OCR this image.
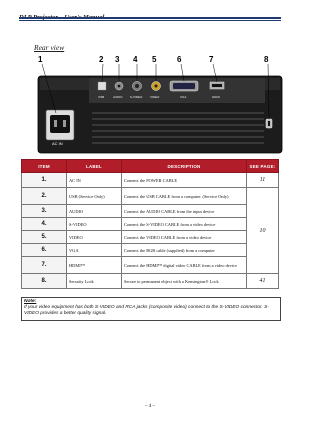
Rear view
AC IN
USB	AUDIO S-VIDEO	VIDEO	VGA	HDMI
1	2 3 4 5	6	7	8
ITEM	LABEL	DESCRIPTION	SEE PAGE:
1.	AC IN	Connect the POWER CABLE	11
2.	USB (Service Only)	Connect the USB CABLE from a computer. (Service Only)	10
3.	AUDIO	Connect the AUDIO CABLE from the input device	
4.	S-VIDEO	Connect the S-VIDEO CABLE from a video device	
5.	VIDEO	Connect the VIDEO CABLE from a video device	
6.	VGA	Connect the RGB cable (supplied) from a computer	
7.	HDMI™	Connect the HDMI™ digital video CABLE from a video device	
8.	Security Lock	Secure to permanent object with a Kensington® Lock	41
Note:
If your video equipment has both S-VIDEO and RCA jacks (composite video) connect to the S-VIDEO connector. S-VIDEO provides a better quality signal.
– 4 –
